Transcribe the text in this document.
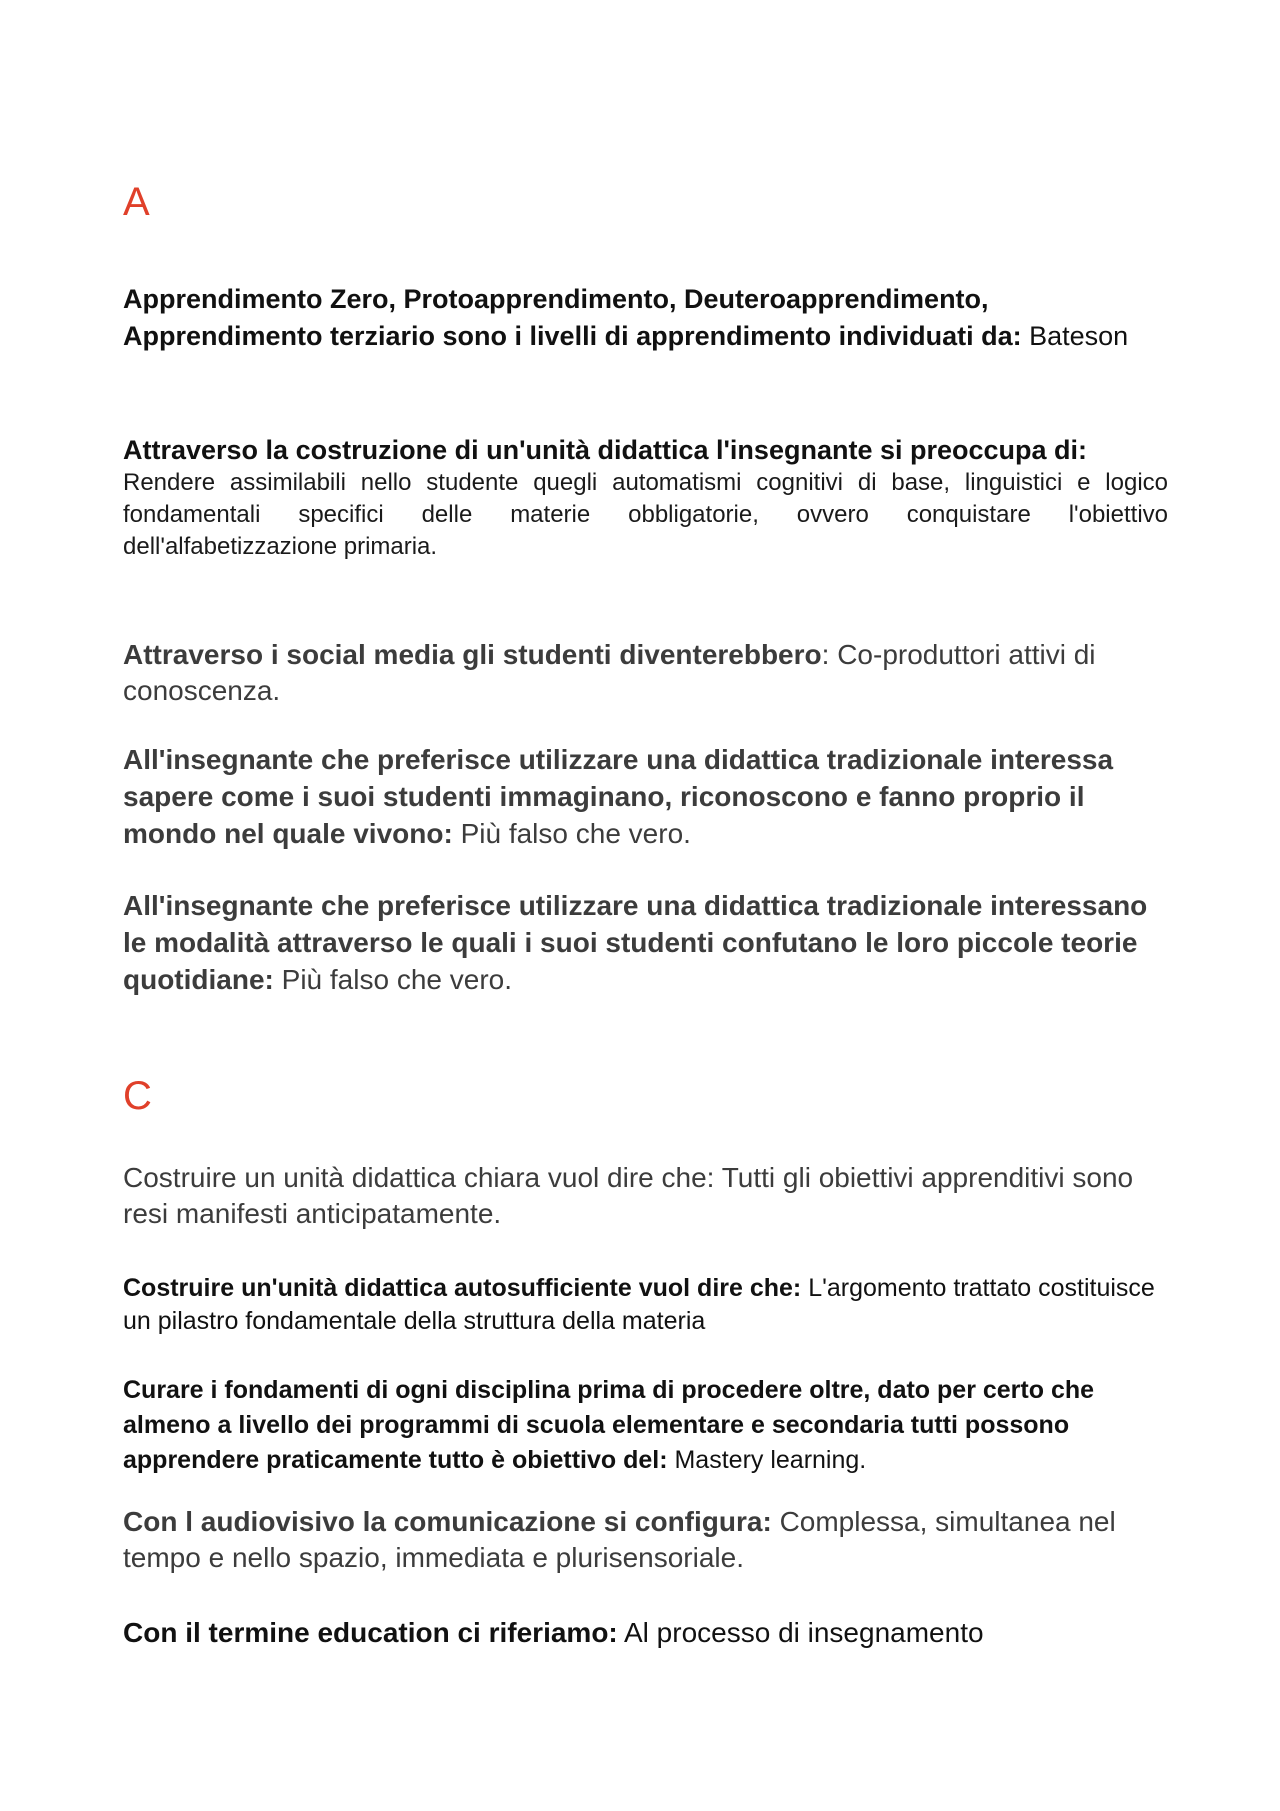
A

Apprendimento Zero, Protoapprendimento, Deuteroapprendimento, Apprendimento terziario sono i livelli di apprendimento individuati da: Bateson

Attraverso la costruzione di un'unità didattica l'insegnante si preoccupa di:
Rendere assimilabili nello studente quegli automatismi cognitivi di base, linguistici e logico fondamentali specifici delle materie obbligatorie, ovvero conquistare l'obiettivo dell'alfabetizzazione primaria.

Attraverso i social media gli studenti diventerebbero: Co-produttori attivi di conoscenza.

All'insegnante che preferisce utilizzare una didattica tradizionale interessa sapere come i suoi studenti immaginano, riconoscono e fanno proprio il mondo nel quale vivono: Più falso che vero.

All'insegnante che preferisce utilizzare una didattica tradizionale interessano le modalità attraverso le quali i suoi studenti confutano le loro piccole teorie quotidiane: Più falso che vero.

C

Costruire un unità didattica chiara vuol dire che: Tutti gli obiettivi apprenditivi sono resi manifesti anticipatamente.

Costruire un'unità didattica autosufficiente vuol dire che: L'argomento trattato costituisce un pilastro fondamentale della struttura della materia

Curare i fondamenti di ogni disciplina prima di procedere oltre, dato per certo che almeno a livello dei programmi di scuola elementare e secondaria tutti possono apprendere praticamente tutto è obiettivo del: Mastery learning.

Con l audiovisivo la comunicazione si configura: Complessa, simultanea nel tempo e nello spazio, immediata e plurisensoriale.

Con il termine education ci riferiamo: Al processo di insegnamento
